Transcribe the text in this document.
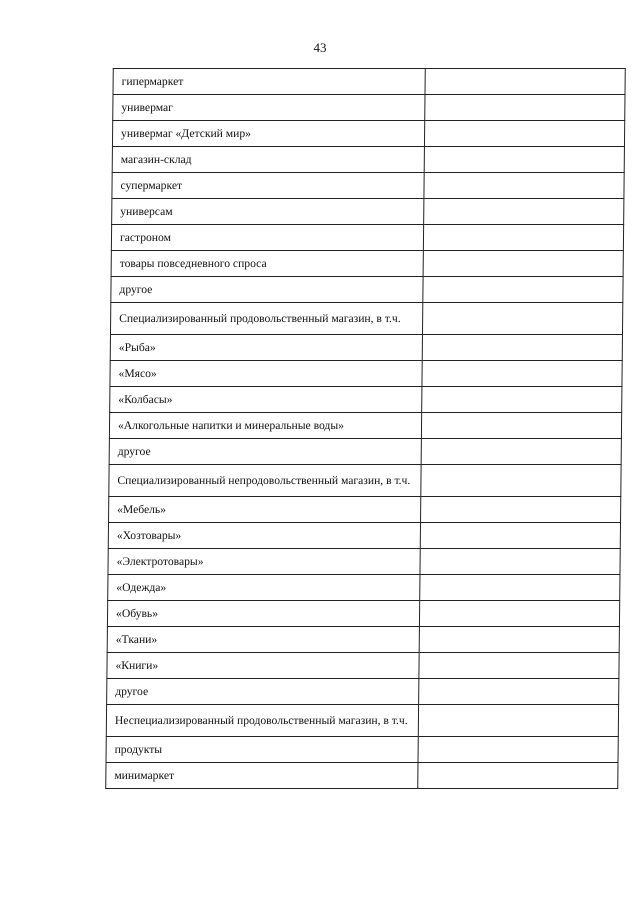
43
гипермаркет	
универмаг	
универмаг «Детский мир»	
магазин-склад	
супермаркет	
универсам	
гастроном	
товары повседневного спроса	
другое	
Специализированный продовольственный магазин, в т.ч.	
«Рыба»	
«Мясо»	
«Колбасы»	
«Алкогольные напитки и минеральные воды»	
другое	
Специализированный непродовольственный магазин, в т.ч.	
«Мебель»	
«Хозтовары»	
«Электротовары»	
«Одежда»	
«Обувь»	
«Ткани»	
«Книги»	
другое	
Неспециализированный продовольственный магазин, в т.ч.	
продукты	
минимаркет	
